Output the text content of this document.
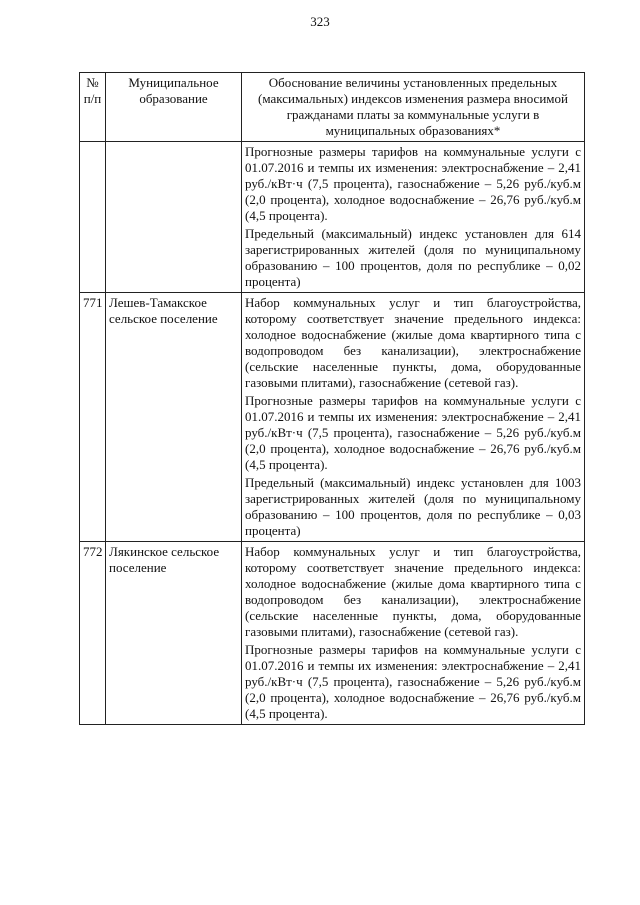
323
№ п/п	Муниципальное образование	Обоснование величины установленных предельных (максимальных) индексов изменения размера вносимой гражданами платы за коммунальные услуги в муниципальных образованиях*

		Прогнозные размеры тарифов на коммунальные услуги с 01.07.2016 и темпы их изменения: электроснабжение – 2,41 руб./кВт·ч (7,5 процента), газоснабжение – 5,26 руб./куб.м (2,0 процента), холодное водоснабжение – 26,76 руб./куб.м (4,5 процента).

Предельный (максимальный) индекс установлен для 614 зарегистрированных жителей (доля по муниципальному образованию – 100 процентов, доля по республике – 0,02 процента)

771	Лешев-Тамакское сельское поселение	Набор коммунальных услуг и тип благоустройства, которому соответствует значение предельного индекса: холодное водоснабжение (жилые дома квартирного типа с водопроводом без канализации), электроснабжение (сельские населенные пункты, дома, оборудованные газовыми плитами), газоснабжение (сетевой газ).

Прогнозные размеры тарифов на коммунальные услуги с 01.07.2016 и темпы их изменения: электроснабжение – 2,41 руб./кВт·ч (7,5 процента), газоснабжение – 5,26 руб./куб.м (2,0 процента), холодное водоснабжение – 26,76 руб./куб.м (4,5 процента).

Предельный (максимальный) индекс установлен для 1003 зарегистрированных жителей (доля по муниципальному образованию – 100 процентов, доля по республике – 0,03 процента)

772	Лякинское сельское поселение	Набор коммунальных услуг и тип благоустройства, которому соответствует значение предельного индекса: холодное водоснабжение (жилые дома квартирного типа с водопроводом без канализации), электроснабжение (сельские населенные пункты, дома, оборудованные газовыми плитами), газоснабжение (сетевой газ).

Прогнозные размеры тарифов на коммунальные услуги с 01.07.2016 и темпы их изменения: электроснабжение – 2,41 руб./кВт·ч (7,5 процента), газоснабжение – 5,26 руб./куб.м (2,0 процента), холодное водоснабжение – 26,76 руб./куб.м (4,5 процента).
